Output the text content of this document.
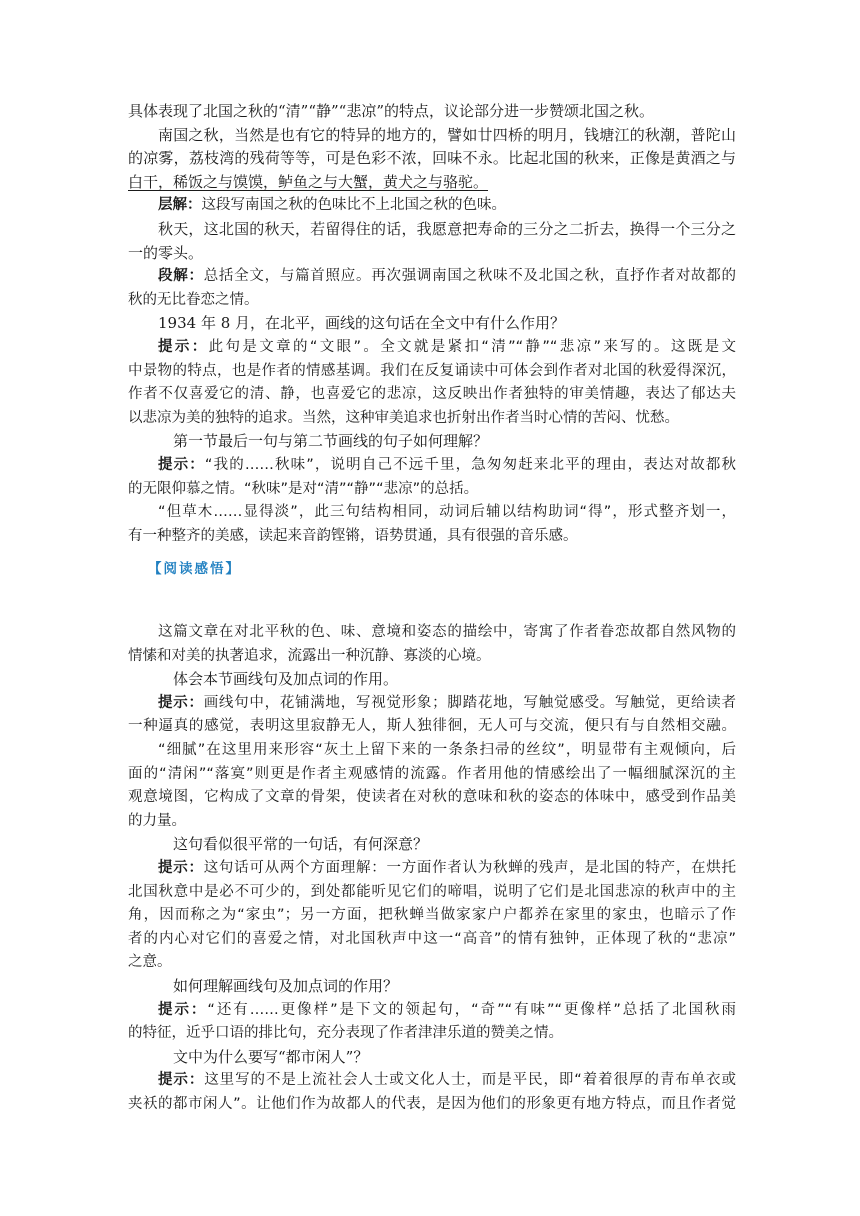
具体表现了北国之秋的“清”“静”“悲凉”的特点，议论部分进一步赞颂北国之秋。
南国之秋，当然是也有它的特异的地方的，譬如廿四桥的明月，钱塘江的秋潮，普陀山
的凉雾，荔枝湾的残荷等等，可是色彩不浓，回味不永。比起北国的秋来，正像是黄酒之与
白干，稀饭之与馍馍，鲈鱼之与大蟹，黄犬之与骆驼。
层解：这段写南国之秋的色味比不上北国之秋的色味。
秋天，这北国的秋天，若留得住的话，我愿意把寿命的三分之二折去，换得一个三分之
一的零头。
段解：总括全文，与篇首照应。再次强调南国之秋味不及北国之秋，直抒作者对故都的
秋的无比眷恋之情。
1934 年 8 月，在北平，画线的这句话在全文中有什么作用？
提示：此句是文章的“文眼”。全文就是紧扣“清”“静”“悲凉”来写的。这既是文
中景物的特点，也是作者的情感基调。我们在反复诵读中可体会到作者对北国的秋爱得深沉，
作者不仅喜爱它的清、静，也喜爱它的悲凉，这反映出作者独特的审美情趣，表达了郁达夫
以悲凉为美的独特的追求。当然，这种审美追求也折射出作者当时心情的苦闷、忧愁。
第一节最后一句与第二节画线的句子如何理解？
提示：“我的……秋味”，说明自己不远千里，急匆匆赶来北平的理由，表达对故都秋
的无限仰慕之情。“秋味”是对“清”“静”“悲凉”的总括。
“但草木……显得淡”，此三句结构相同，动词后辅以结构助词“得”，形式整齐划一，
有一种整齐的美感，读起来音韵铿锵，语势贯通，具有很强的音乐感。
【阅读感悟】
这篇文章在对北平秋的色、味、意境和姿态的描绘中，寄寓了作者眷恋故都自然风物的
情愫和对美的执著追求，流露出一种沉静、寡淡的心境。
体会本节画线句及加点词的作用。
提示：画线句中，花铺满地，写视觉形象；脚踏花地，写触觉感受。写触觉，更给读者
一种逼真的感觉，表明这里寂静无人，斯人独徘徊，无人可与交流，便只有与自然相交融。
“细腻”在这里用来形容“灰土上留下来的一条条扫帚的丝纹”，明显带有主观倾向，后
面的“清闲”“落寞”则更是作者主观感情的流露。作者用他的情感绘出了一幅细腻深沉的主
观意境图，它构成了文章的骨架，使读者在对秋的意味和秋的姿态的体味中，感受到作品美
的力量。
这句看似很平常的一句话，有何深意？
提示：这句话可从两个方面理解：一方面作者认为秋蝉的残声，是北国的特产，在烘托
北国秋意中是必不可少的，到处都能听见它们的啼唱，说明了它们是北国悲凉的秋声中的主
角，因而称之为“家虫”；另一方面，把秋蝉当做家家户户都养在家里的家虫，也暗示了作
者的内心对它们的喜爱之情，对北国秋声中这一“高音”的情有独钟，正体现了秋的“悲凉”
之意。
如何理解画线句及加点词的作用？
提示：“还有……更像样”是下文的领起句，“奇”“有味”“更像样”总括了北国秋雨
的特征，近乎口语的排比句，充分表现了作者津津乐道的赞美之情。
文中为什么要写“都市闲人”？
提示：这里写的不是上流社会人士或文化人士，而是平民，即“着着很厚的青布单衣或
夹袄的都市闲人”。让他们作为故都人的代表，是因为他们的形象更有地方特点，而且作者觉
